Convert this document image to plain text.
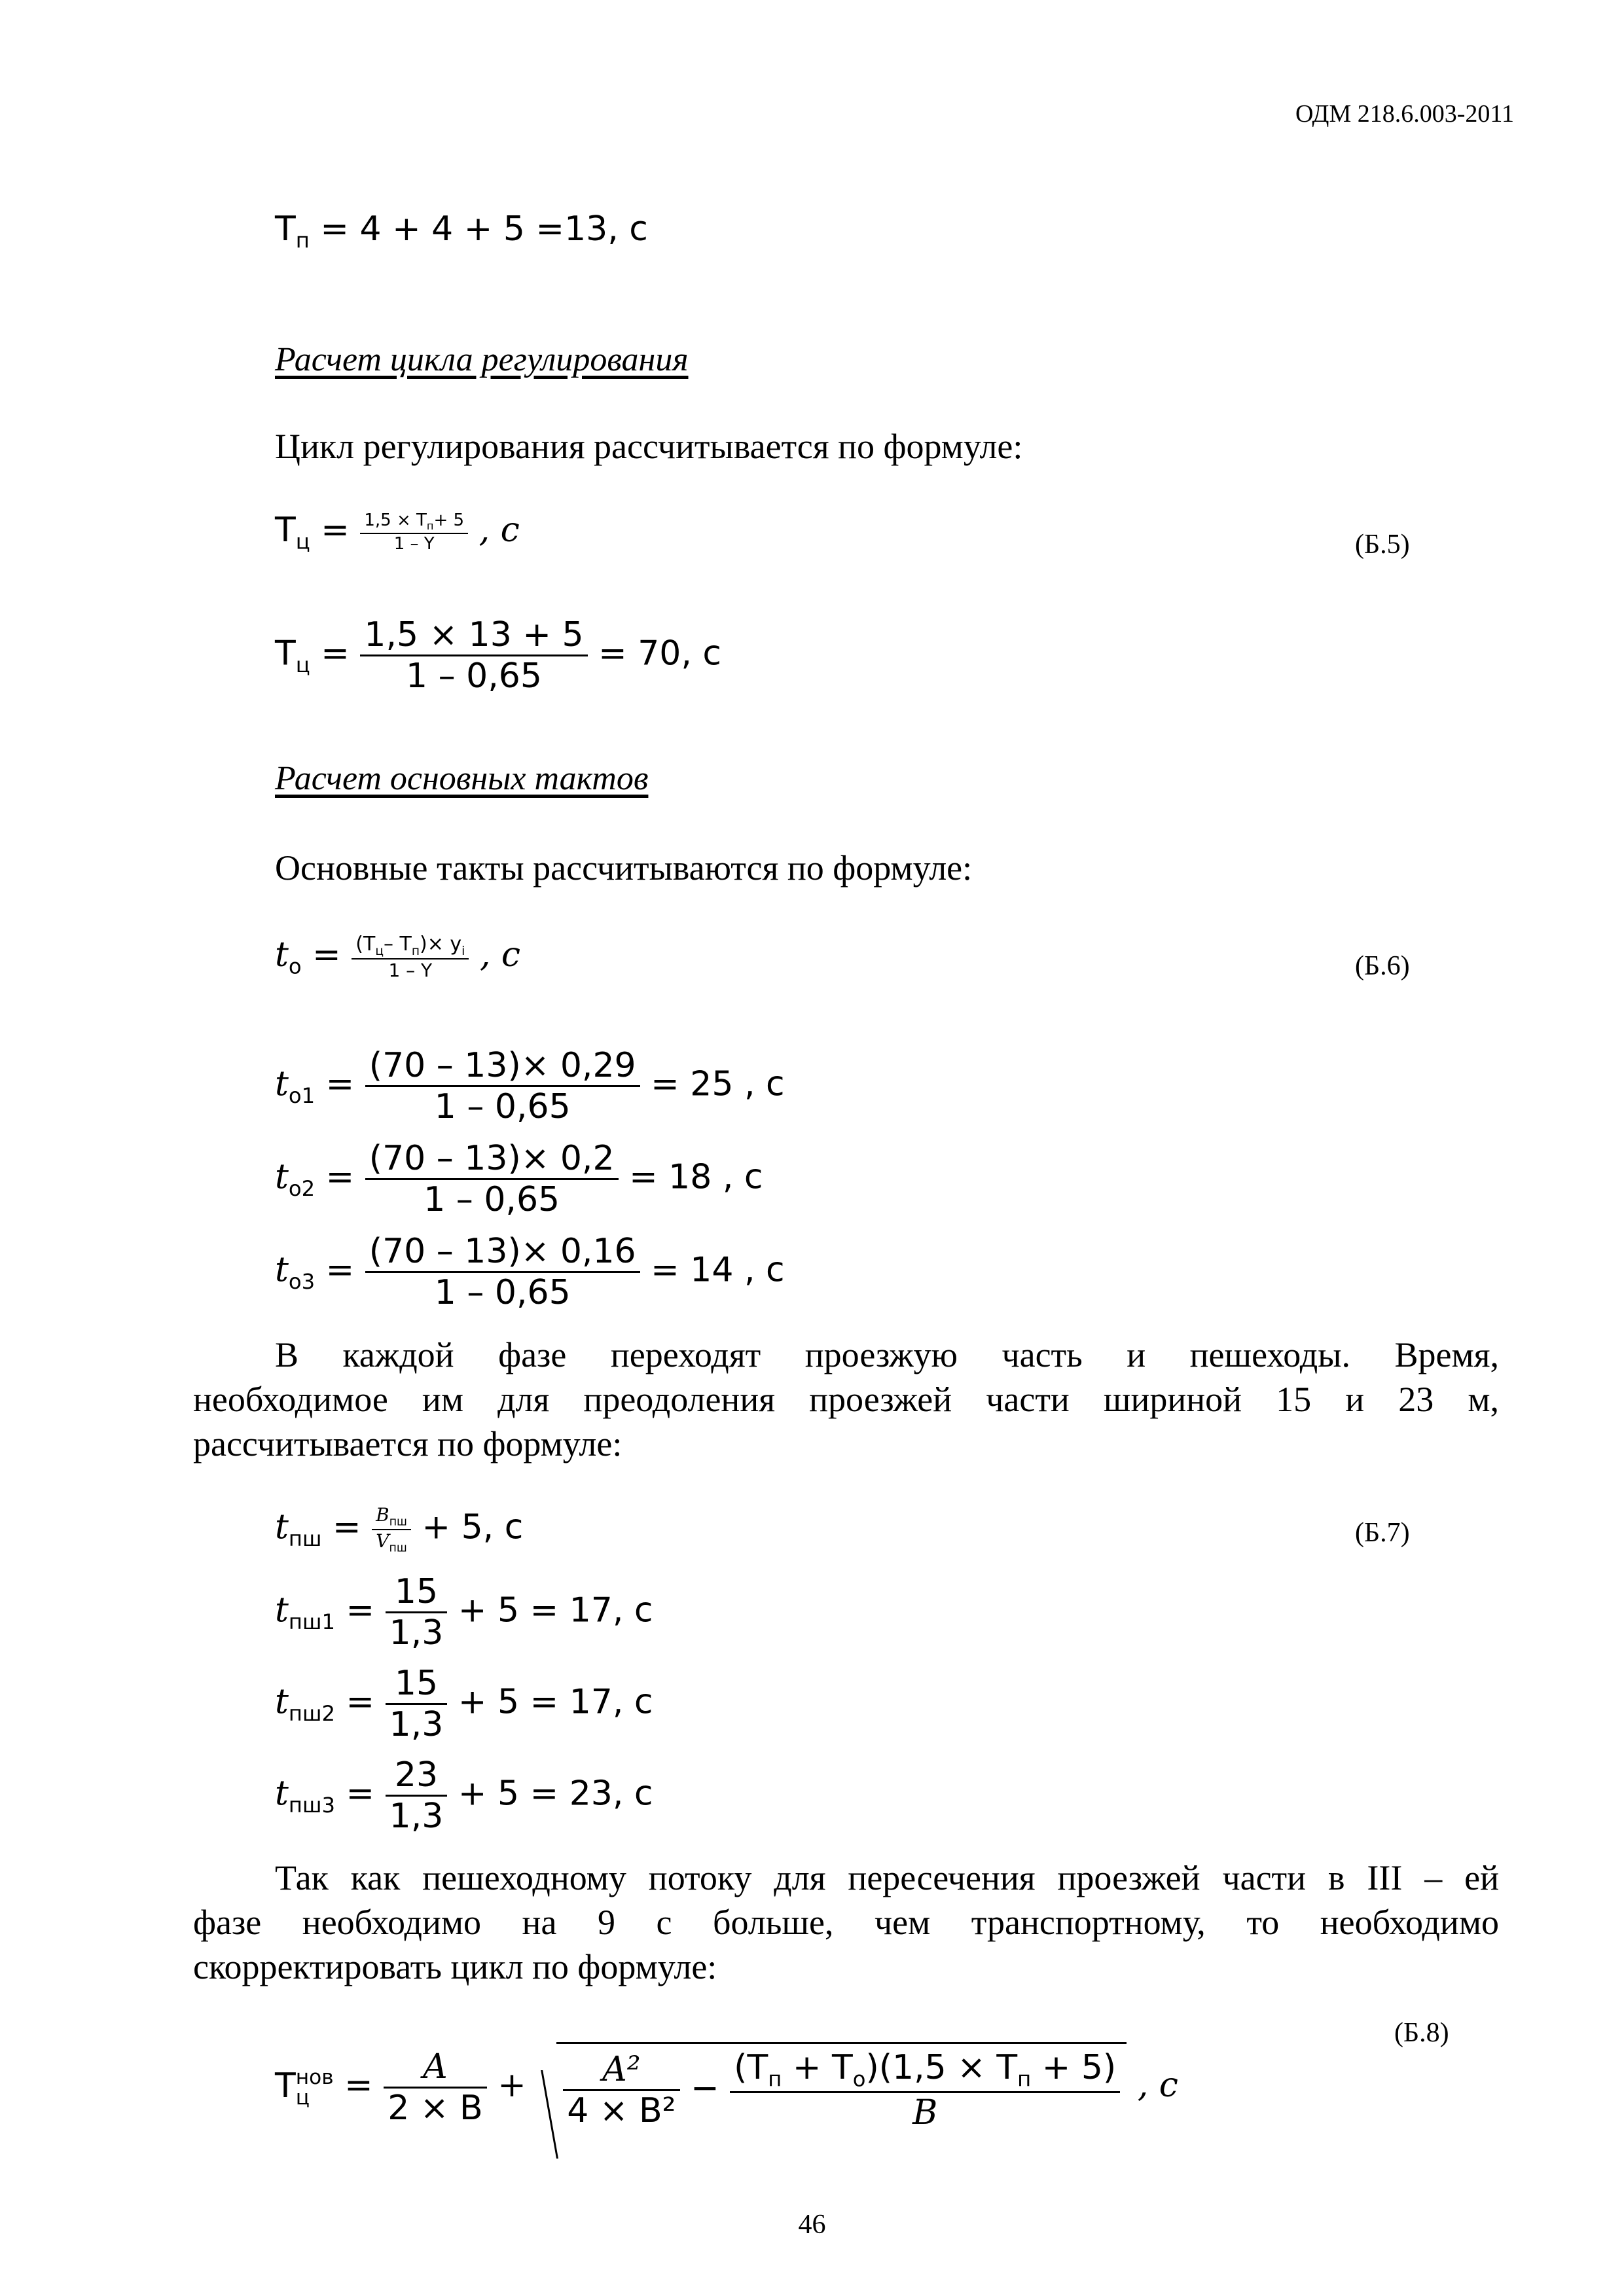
ОДМ 218.6.003-2011
$T_п = 4 + 4 + 5 =13$, с
Расчет цикла регулирования
Цикл регулирования рассчитывается по формуле:
$T_ц = \frac{1,5 \times Т_п+ 5}{1 - Y}$ , с	(Б.5)
$T_ц = \frac{1,5 \times 13 + 5}{1 - 0,65} = 70$, с
Расчет основных тактов
Основные такты рассчитываются по формуле:
$t_о = \frac{(Т_ц- Т_п)\times y_i}{1 - Y}$ , с	(Б.6)
$t_{о1} = \frac{(70 - 13)\times 0,29}{1 - 0,65} = 25$ , с
$t_{о2} = \frac{(70 - 13)\times 0,2}{1 - 0,65} = 18$ , с
$t_{о3} = \frac{(70 - 13)\times 0,16}{1 - 0,65} = 14$ , с
В каждой фазе переходят проезжую часть и пешеходы. Время,
необходимое им для преодоления проезжей части шириной 15 и 23 м,
рассчитывается по формуле:
$t_{пш} = \frac{B_{пш}}{V_{пш}} + 5$, с	(Б.7)
$t_{пш1} = \frac{15}{1,3} + 5 = 17$, с
$t_{пш2} = \frac{15}{1,3} + 5 = 17$, с
$t_{пш3} = \frac{23}{1,3} + 5 = 23$, с
Так как пешеходному потоку для пересечения проезжей части в III – ей
фазе необходимо на 9 с больше, чем транспортному, то необходимо
скорректировать цикл по формуле:
(Б.8)
T нов
$ц = \frac{A}{2 \times B} + \frac{\text{A²}}{\text{4 × B²}} - \frac{(Т_п + Т_о)(1,5 \times Т_п + 5)}{B}$ , с
46
